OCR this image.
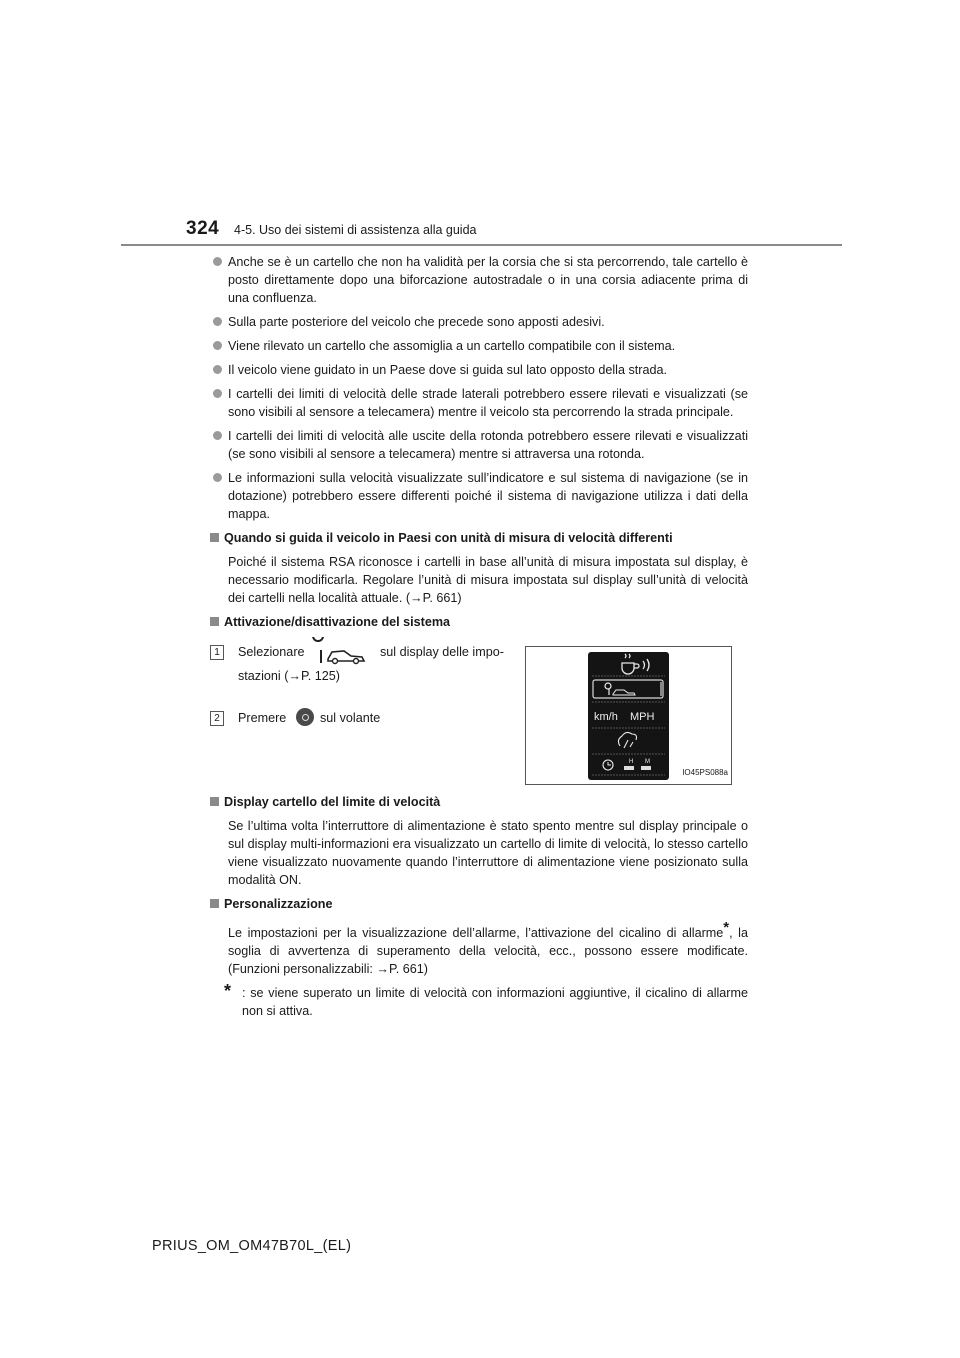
324 4-5. Uso dei sistemi di assistenza alla guida
Anche se è un cartello che non ha validità per la corsia che si sta percorrendo, tale cartello è posto direttamente dopo una biforcazione autostradale o in una corsia adiacente prima di una confluenza.
Sulla parte posteriore del veicolo che precede sono apposti adesivi.
Viene rilevato un cartello che assomiglia a un cartello compatibile con il sistema.
Il veicolo viene guidato in un Paese dove si guida sul lato opposto della strada.
I cartelli dei limiti di velocità delle strade laterali potrebbero essere rilevati e visualizzati (se sono visibili al sensore a telecamera) mentre il veicolo sta percorrendo la strada principale.
I cartelli dei limiti di velocità alle uscite della rotonda potrebbero essere rilevati e visualizzati (se sono visibili al sensore a telecamera) mentre si attraversa una rotonda.
Le informazioni sulla velocità visualizzate sull’indicatore e sul sistema di navigazione (se in dotazione) potrebbero essere differenti poiché il sistema di navigazione utilizza i dati della mappa.
Quando si guida il veicolo in Paesi con unità di misura di velocità differenti
Poiché il sistema RSA riconosce i cartelli in base all’unità di misura impostata sul display, è necessario modificarla. Regolare l’unità di misura impostata sul display sull’unità di velocità dei cartelli nella località attuale. (→P. 661)
Attivazione/disattivazione del sistema
1	Selezionare	sul display delle impo-
stazioni (→P. 125)
2	Premere	sul volante	km/h MPH
H M
IO45PS088a
Display cartello del limite di velocità
Se l’ultima volta l’interruttore di alimentazione è stato spento mentre sul display principale o sul display multi-informazioni era visualizzato un cartello di limite di velocità, lo stesso cartello viene visualizzato nuovamente quando l’interruttore di alimentazione viene posizionato sulla modalità ON.
Personalizzazione
Le impostazioni per la visualizzazione dell’allarme, l’attivazione del cicalino di allarme*, la soglia di avvertenza di superamento della velocità, ecc., possono essere modificate. (Funzioni personalizzabili: →P. 661)
* : se viene superato un limite di velocità con informazioni aggiuntive, il cicalino di allarme non si attiva.
PRIUS_OM_OM47B70L_(EL)
